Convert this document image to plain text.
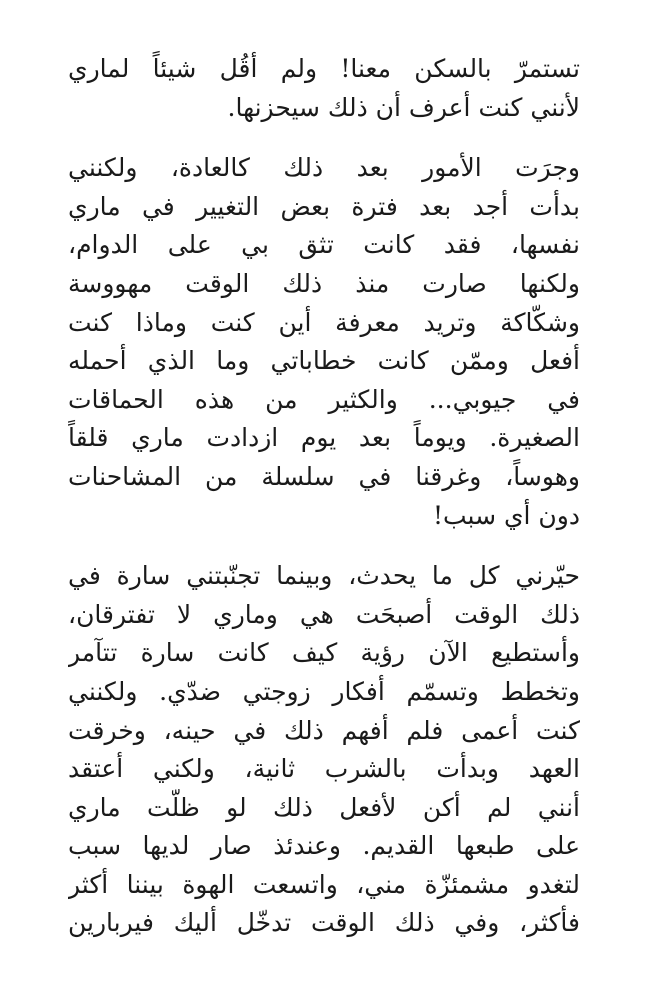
تستمرّ بالسكن معنا! ولم أقُل شيئاً لماري
لأنني كنت أعرف أن ذلك سيحزنها.

وجرَت الأمور بعد ذلك كالعادة، ولكنني
بدأت أجد بعد فترة بعض التغيير في ماري
نفسها، فقد كانت تثق بي على الدوام،
ولكنها صارت منذ ذلك الوقت مهووسة
وشكّاكة وتريد معرفة أين كنت وماذا كنت
أفعل وممّن كانت خطاباتي وما الذي أحمله
في جيوبي... والكثير من هذه الحماقات
الصغيرة. ويوماً بعد يوم ازدادت ماري قلقاً
وهوساً، وغرقنا في سلسلة من المشاحنات
دون أي سبب!

حيّرني كل ما يحدث، وبينما تجنّبتني سارة في
ذلك الوقت أصبحَت هي وماري لا تفترقان،
وأستطيع الآن رؤية كيف كانت سارة تتآمر
وتخطط وتسمّم أفكار زوجتي ضدّي. ولكنني
كنت أعمى فلم أفهم ذلك في حينه، وخرقت
العهد وبدأت بالشرب ثانية، ولكني أعتقد
أنني لم أكن لأفعل ذلك لو ظلّت ماري
على طبعها القديم. وعندئذ صار لديها سبب
لتغدو مشمئزّة مني، واتسعت الهوة بيننا أكثر
فأكثر، وفي ذلك الوقت تدخّل أليك فيربارين
